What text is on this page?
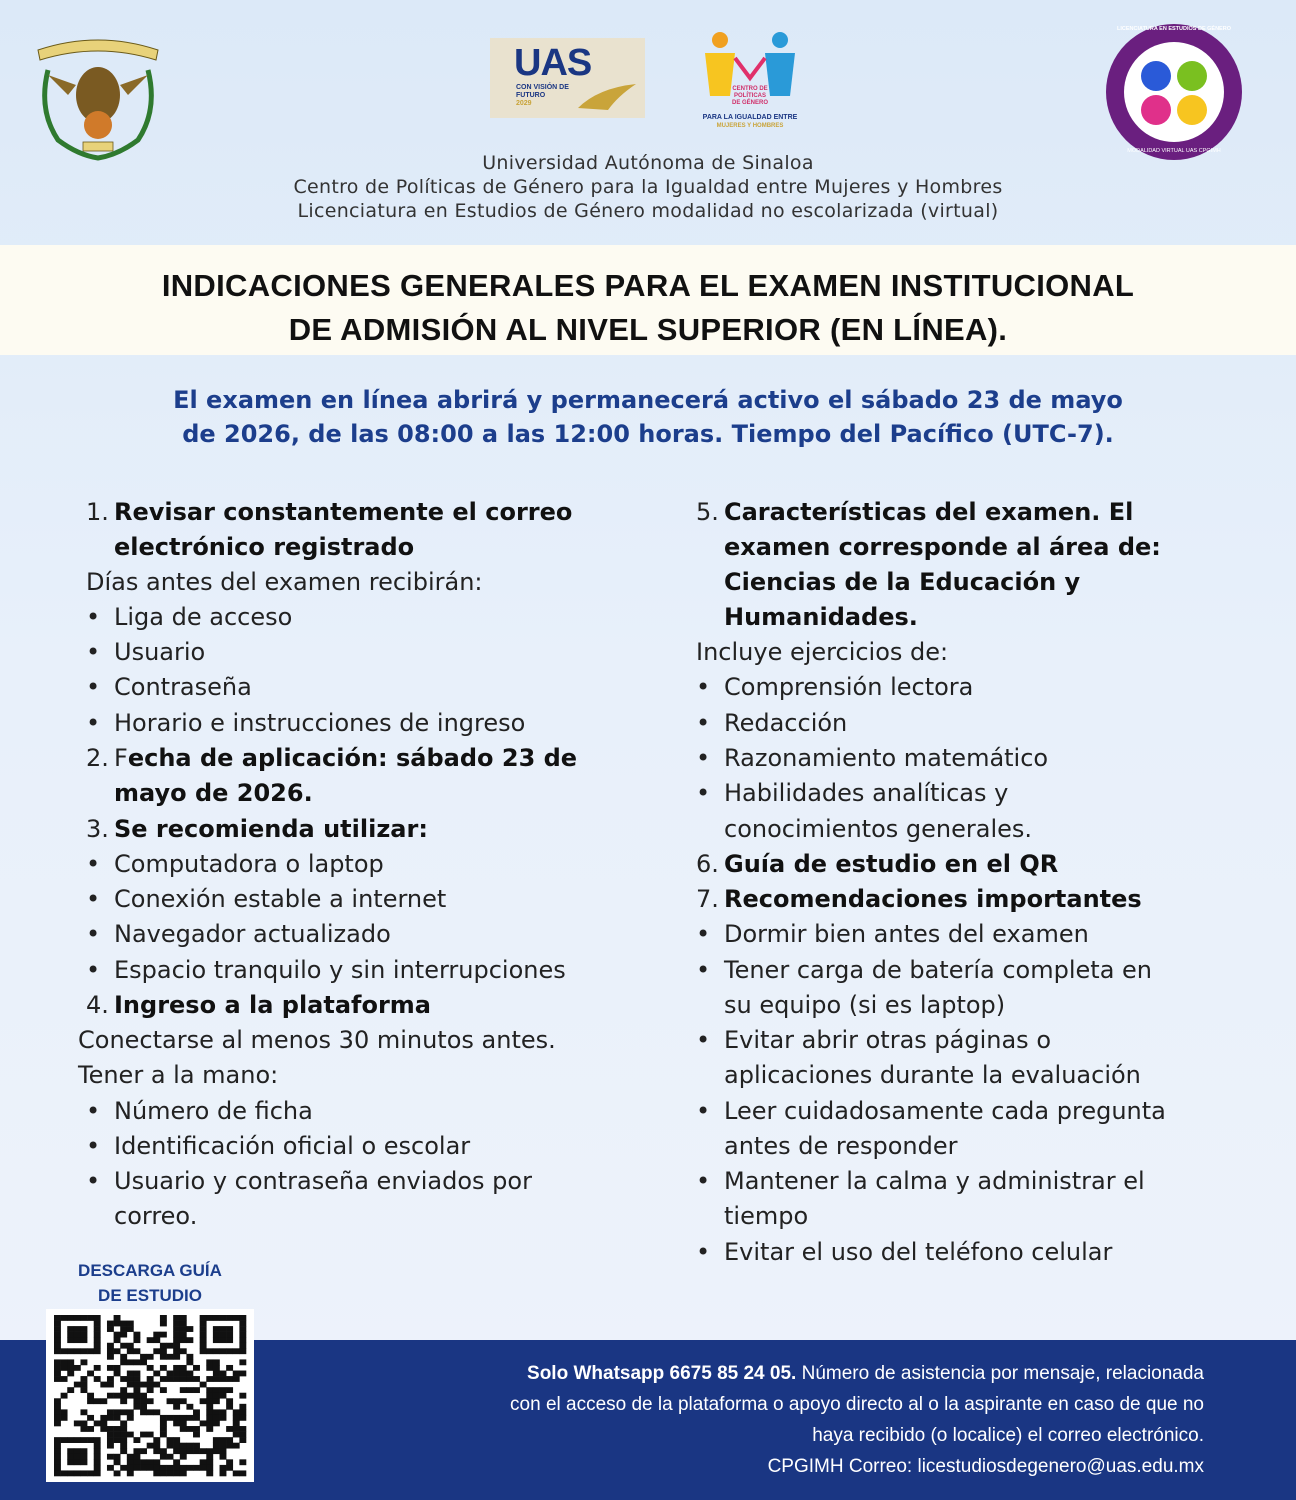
UAS
CON VISIÓN DE
FUTURO
2029
CENTRO DE
POLÍTICAS
DE GÉNERO
PARA LA IGUALDAD ENTRE
MUJERES Y HOMBRES
LICENCIATURA EN ESTUDIOS DE GÉNERO
MODALIDAD VIRTUAL UAS CPGIMH
Universidad Autónoma de Sinaloa
Centro de Políticas de Género para la Igualdad entre Mujeres y Hombres
Licenciatura en Estudios de Género modalidad no escolarizada (virtual)
INDICACIONES GENERALES PARA EL EXAMEN INSTITUCIONAL
DE ADMISIÓN AL NIVEL SUPERIOR (EN LÍNEA).
El examen en línea abrirá y permanecerá activo el sábado 23 de mayo
de 2026, de las 08:00 a las 12:00 horas. Tiempo del Pacífico (UTC-7).
1. Revisar constantemente el correo
electrónico registrado
Días antes del examen recibirán:
• Liga de acceso
• Usuario
• Contraseña
• Horario e instrucciones de ingreso
2. Fecha de aplicación: sábado 23 de
mayo de 2026.
3. Se recomienda utilizar:
• Computadora o laptop
• Conexión estable a internet
• Navegador actualizado
• Espacio tranquilo y sin interrupciones
4. Ingreso a la plataforma
Conectarse al menos 30 minutos antes.
Tener a la mano:
• Número de ficha
• Identificación oficial o escolar
• Usuario y contraseña enviados por
correo.
5. Características del examen. El
examen corresponde al área de:
Ciencias de la Educación y
Humanidades.
Incluye ejercicios de:
• Comprensión lectora
• Redacción
• Razonamiento matemático
• Habilidades analíticas y
conocimientos generales.
6. Guía de estudio en el QR
7. Recomendaciones importantes
• Dormir bien antes del examen
• Tener carga de batería completa en
su equipo (si es laptop)
• Evitar abrir otras páginas o
aplicaciones durante la evaluación
• Leer cuidadosamente cada pregunta
antes de responder
• Mantener la calma y administrar el
tiempo
• Evitar el uso del teléfono celular
Solo Whatsapp 6675 85 24 05. Número de asistencia por mensaje, relacionada
con el acceso de la plataforma o apoyo directo al o la aspirante en caso de que no
haya recibido (o localice) el correo electrónico.
CPGIMH Correo: licestudiosdegenero@uas.edu.mx
DESCARGA GUÍA
DE ESTUDIO
